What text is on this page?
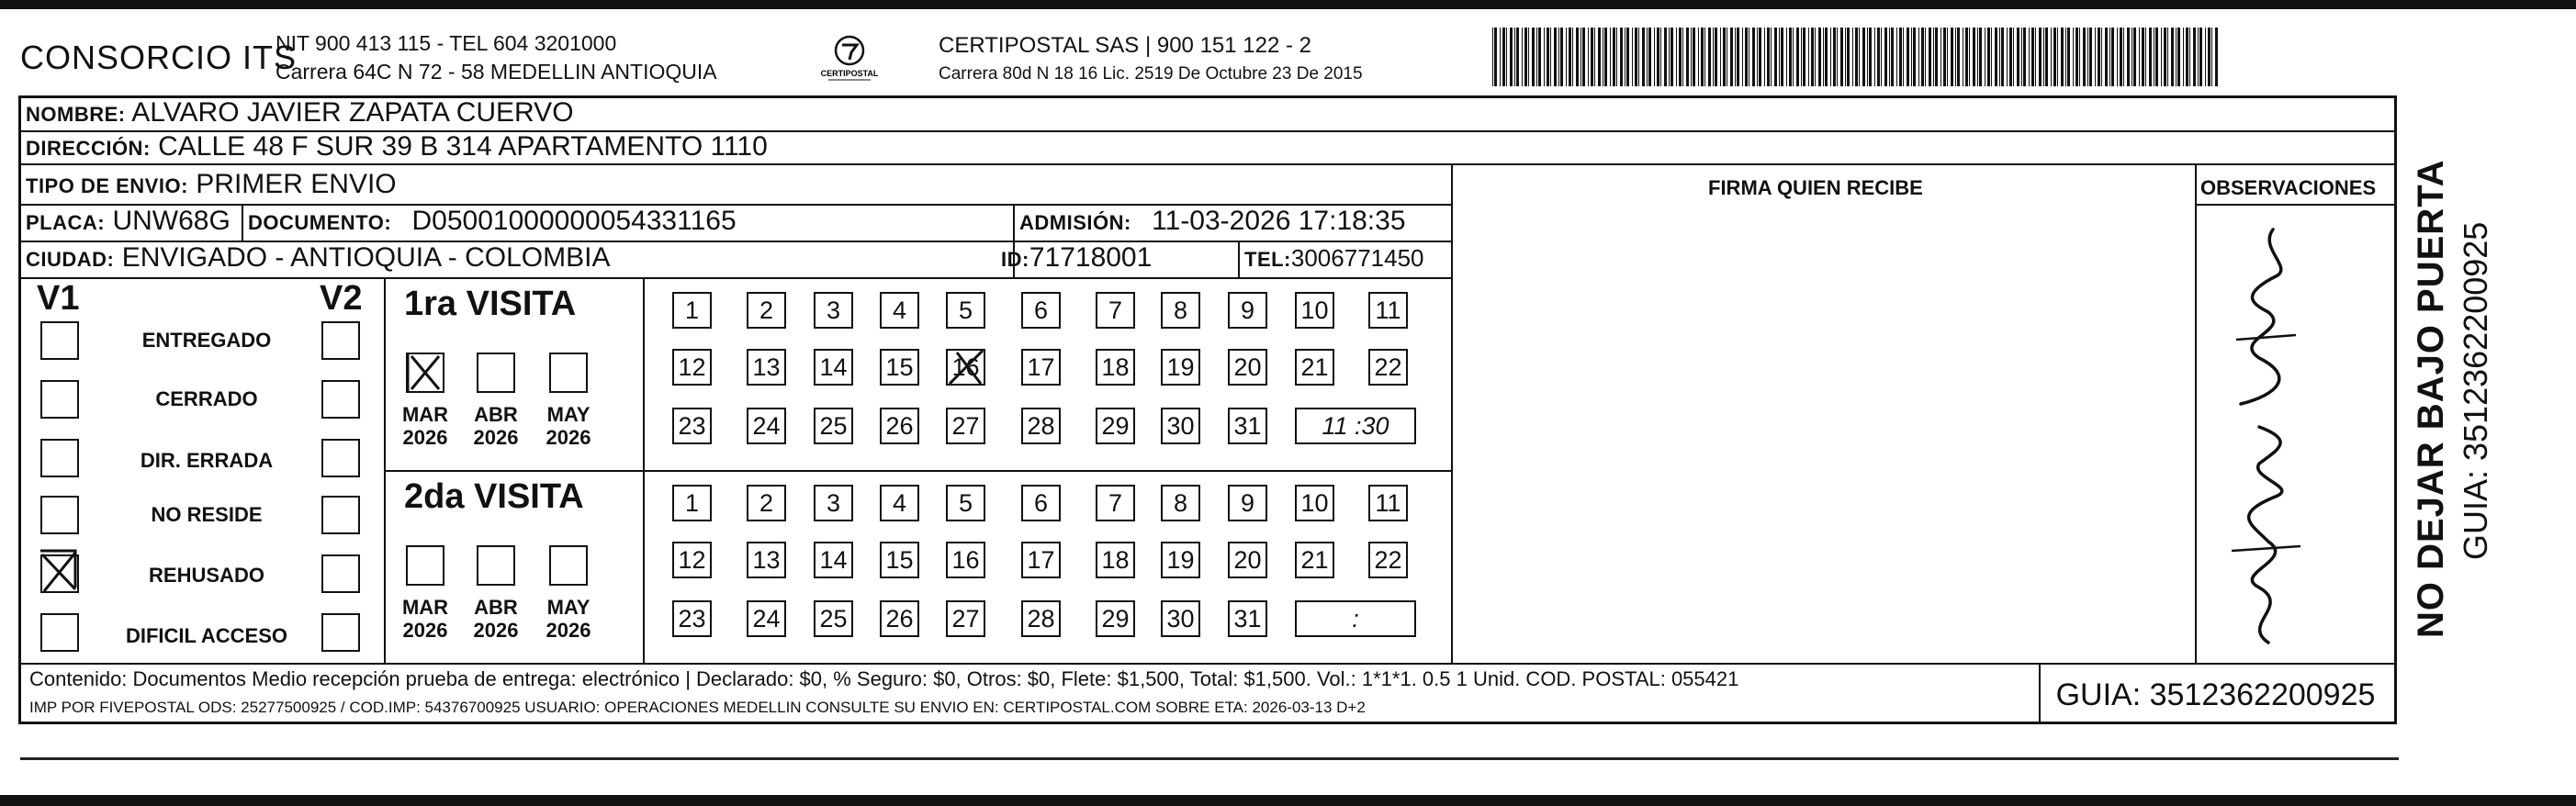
CONSORCIO ITS
NIT 900 413 115 - TEL 604 3201000
Carrera 64C N 72 - 58 MEDELLIN ANTIOQUIA	CERTIPOSTAL
CERTIPOSTAL SAS | 900 151 122 - 2
Carrera 80d N 18 16 Lic. 2519 De Octubre 23 De 2015
NOMBRE: ALVARO JAVIER ZAPATA CUERVO
DIRECCIÓN: CALLE 48 F SUR 39 B 314 APARTAMENTO 1110
TIPO DE ENVIO: PRIMER ENVIO
PLACA: UNW68G DOCUMENTO: D05001000000054331165	ADMISIÓN: 11-03-2026 17:18:35
CIUDAD: ENVIGADO - ANTIOQUIA - COLOMBIA	ID:71718001	TEL:3006771450
FIRMA QUIEN RECIBE	OBSERVACIONES
V1	V2
ENTREGADO
CERRADO
DIR. ERRADA
NO RESIDE
REHUSADO
DIFICIL ACCESO
1ra VISITA
MAR
2026
ABR
2026
MAY
2026
1	2	3	4	5	6	7	8	9	10 11
12 13 14 15 16 17 18 19 20 21 22
23 24 25 26 27 28 29 30 31	11 :30
2da VISITA
MAR
2026
ABR
2026
MAY
2026
1	2	3	4	5	6	7	8	9	10 11
12 13 14 15 16 17 18 19 20 21 22
23 24 25 26 27 28 29 30 31	:
Contenido: Documentos Medio recepción prueba de entrega: electrónico | Declarado: $0, % Seguro: $0, Otros: $0, Flete: $1,500, Total: $1,500. Vol.: 1*1*1. 0.5 1 Unid. COD. POSTAL: 055421
IMP POR FIVEPOSTAL ODS: 25277500925 / COD.IMP: 54376700925 USUARIO: OPERACIONES MEDELLIN CONSULTE SU ENVIO EN: CERTIPOSTAL.COM SOBRE ETA: 2026-03-13 D+2	GUIA: 3512362200925
NO DEJAR BAJO PUERTA GUIA: 3512362200925
